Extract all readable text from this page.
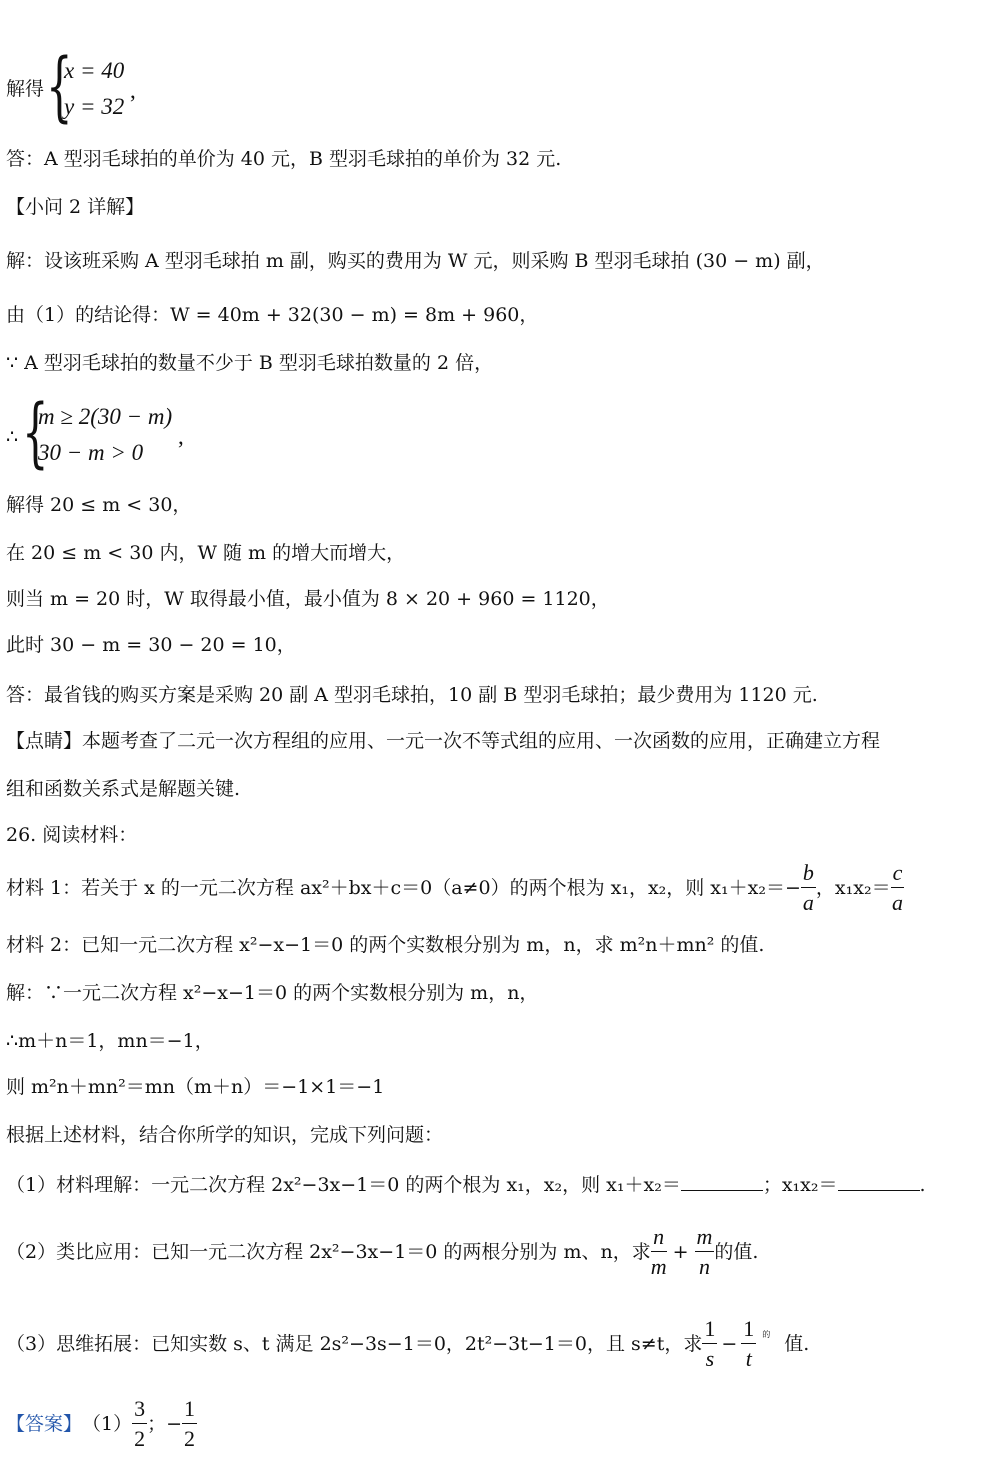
解得 {
x = 40
y = 32
,
答：A 型羽毛球拍的单价为 40 元，B 型羽毛球拍的单价为 32 元.
【小问 2 详解】
解：设该班采购 A 型羽毛球拍 m 副，购买的费用为 W 元，则采购 B 型羽毛球拍 (30 − m) 副，
由（1）的结论得：W = 40m + 32(30 − m) = 8m + 960，
∵ A 型羽毛球拍的数量不少于 B 型羽毛球拍数量的 2 倍，
∴ {
m ≥ 2(30 − m)
30 − m > 0
,
解得 20 ≤ m < 30，
在 20 ≤ m < 30 内，W 随 m 的增大而增大，
则当 m = 20 时，W 取得最小值，最小值为 8 × 20 + 960 = 1120，
此时 30 − m = 30 − 20 = 10，
答：最省钱的购买方案是采购 20 副 A 型羽毛球拍，10 副 B 型羽毛球拍；最少费用为 1120 元.
【点睛】本题考查了二元一次方程组的应用、一元一次不等式组的应用、一次函数的应用，正确建立方程
组和函数关系式是解题关键.
26. 阅读材料：
材料 1：若关于 x 的一元二次方程 ax²＋bx＋c＝0（a≠0）的两个根为 x₁，x₂，则 $x_1+x_2=- \frac{b}{a}$ ，$x_1x_2= \frac{c}{a}$
材料 2：已知一元二次方程 x²−x−1＝0 的两个实数根分别为 m，n，求 m²n＋mn² 的值.
解：∵一元二次方程 x²−x−1＝0 的两个实数根分别为 m，n，
∴m＋n＝1，mn＝−1，
则 m²n＋mn²＝mn（m＋n）＝−1×1＝−1
根据上述材料，结合你所学的知识，完成下列问题：
（1）材料理解：一元二次方程 2x²−3x−1＝0 的两个根为 x₁，x₂，则 x₁＋x₂＝	；x₁x₂＝	.
（2）类比应用：已知一元二次方程 2x²−3x−1＝0 的两根分别为 m、n，求 $\frac{n}{m} + \frac{m}{n}$ 的值.
（3）思维拓展：已知实数 s、t 满足 2s²−3s−1＝0，2t²−3t−1＝0，且 s≠t，求 $\frac{1}{s} - \frac{1}{t}$ 的 值.
【答案】 $(1) \frac{3}{2}$ ；− $\frac{1}{2}$
